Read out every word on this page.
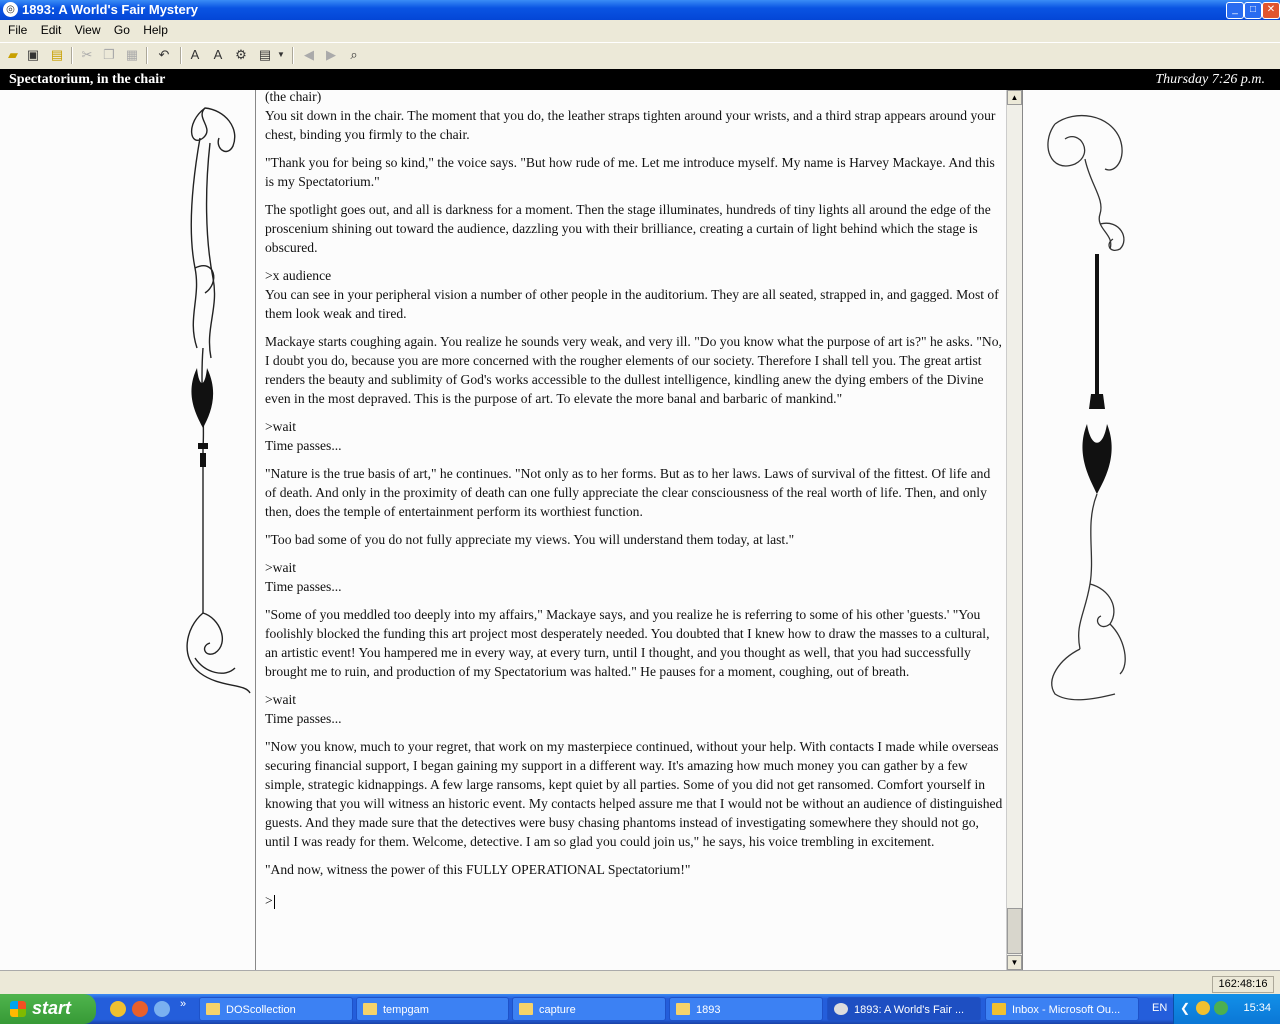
◎ 1893: A World's Fair Mystery	_	□	✕
File Edit View Go Help
▰ ▣ ▤ ✂ ❐ ▦ ↶	A	A ⚙ ▤ ▼	◀ ▶	⌕
Spectatorium, in the chair	Thursday 7:26 p.m.

(the chair)
You sit down in the chair. The moment that you do, the leather straps tighten around your wrists, and a third strap appears around your chest, binding you firmly to the chair.

"Thank you for being so kind," the voice says. "But how rude of me. Let me introduce myself. My name is Harvey Mackaye. And this is my Spectatorium."

The spotlight goes out, and all is darkness for a moment. Then the stage illuminates, hundreds of tiny lights all around the edge of the proscenium shining out toward the audience, dazzling you with their brilliance, creating a curtain of light behind which the stage is obscured.

>x audience
You can see in your peripheral vision a number of other people in the auditorium. They are all seated, strapped in, and gagged. Most of them look weak and tired.

Mackaye starts coughing again. You realize he sounds very weak, and very ill. "Do you know what the purpose of art is?" he asks. "No, I doubt you do, because you are more concerned with the rougher elements of our society. Therefore I shall tell you. The great artist renders the beauty and sublimity of God's works accessible to the dullest intelligence, kindling anew the dying embers of the Divine even in the most depraved. This is the purpose of art. To elevate the more banal and barbaric of mankind."

>wait
Time passes...

"Nature is the true basis of art," he continues. "Not only as to her forms. But as to her laws. Laws of survival of the fittest. Of life and of death. And only in the proximity of death can one fully appreciate the clear consciousness of the real worth of life. Then, and only then, does the temple of entertainment perform its worthiest function.

"Too bad some of you do not fully appreciate my views. You will understand them today, at last."

>wait
Time passes...

"Some of you meddled too deeply into my affairs," Mackaye says, and you realize he is referring to some of his other 'guests.' "You foolishly blocked the funding this art project most desperately needed. You doubted that I knew how to draw the masses to a cultural, an artistic event! You hampered me in every way, at every turn, until I thought, and you thought as well, that you had successfully brought me to ruin, and production of my Spectatorium was halted." He pauses for a moment, coughing, out of breath.

>wait
Time passes...

"Now you know, much to your regret, that work on my masterpiece continued, without your help. With contacts I made while overseas securing financial support, I began gaining my support in a different way. It's amazing how much money you can gather by a few simple, strategic kidnappings. A few large ransoms, kept quiet by all parties. Some of you did not get ransomed. Comfort yourself in knowing that you will witness an historic event. My contacts helped assure me that I would not be without an audience of distinguished guests. And they made sure that the detectives were busy chasing phantoms instead of investigating somewhere they should not go, until I was ready for them. Welcome, detective. I am so glad you could join us," he says, his voice trembling in excitement.

"And now, witness the power of this FULLY OPERATIONAL Spectatorium!"

>

▲
▼
162:48:16
start	»	DOScollection	tempgam	capture	1893	1893: A World's Fair ...	Inbox - Microsoft Ou...	EN ❮	15:34
